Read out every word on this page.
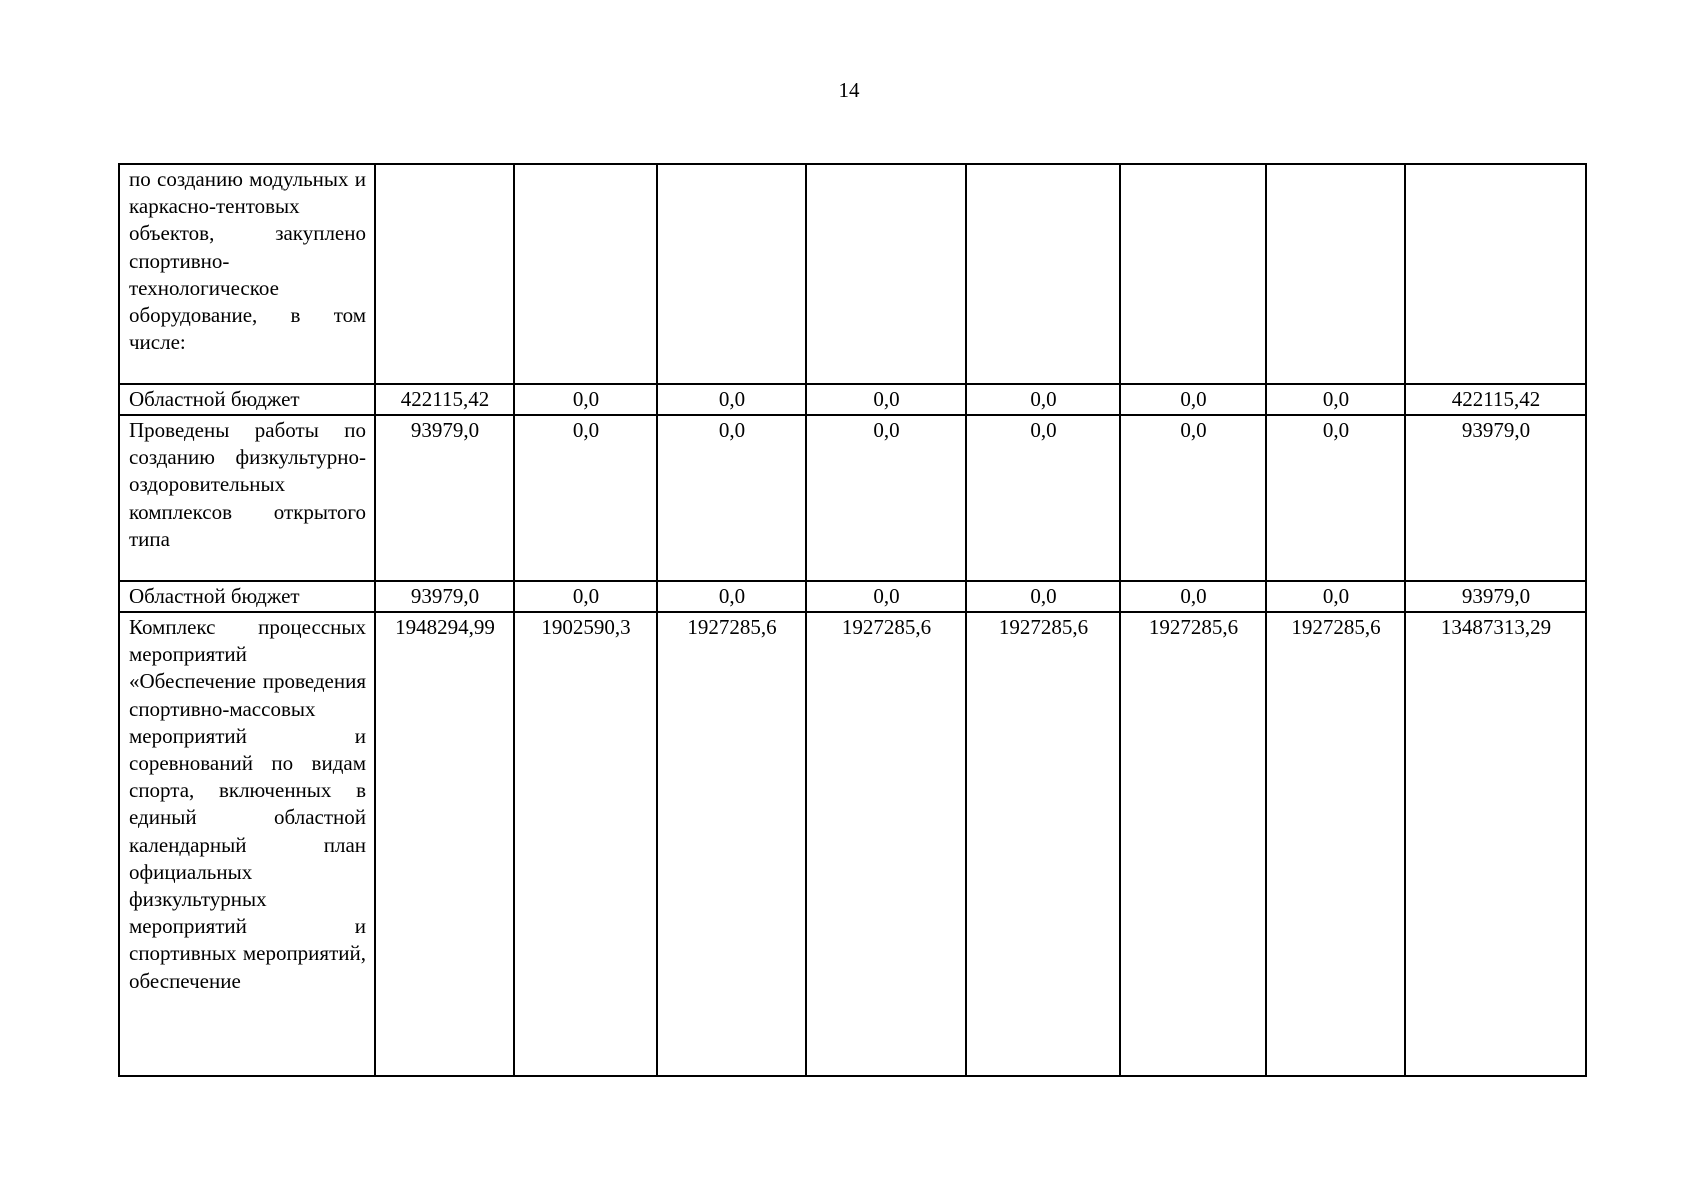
14
по созданию модульных и каркасно-тентовых объектов, закуплено спортивно-технологическое оборудование, в том числе:								
Областной бюджет	422115,42	0,0	0,0	0,0	0,0	0,0	0,0	422115,42
Проведены работы по созданию физкультурно-оздоровительных комплексов открытого типа	93979,0	0,0	0,0	0,0	0,0	0,0	0,0	93979,0
Областной бюджет	93979,0	0,0	0,0	0,0	0,0	0,0	0,0	93979,0
Комплекс процессных мероприятий «Обеспечение проведения спортивно-массовых мероприятий и соревнований по видам спорта, включенных в единый областной календарный план официальных физкультурных мероприятий и спортивных мероприятий, обеспечение	1948294,99	1902590,3	1927285,6	1927285,6	1927285,6	1927285,6	1927285,6	13487313,29
